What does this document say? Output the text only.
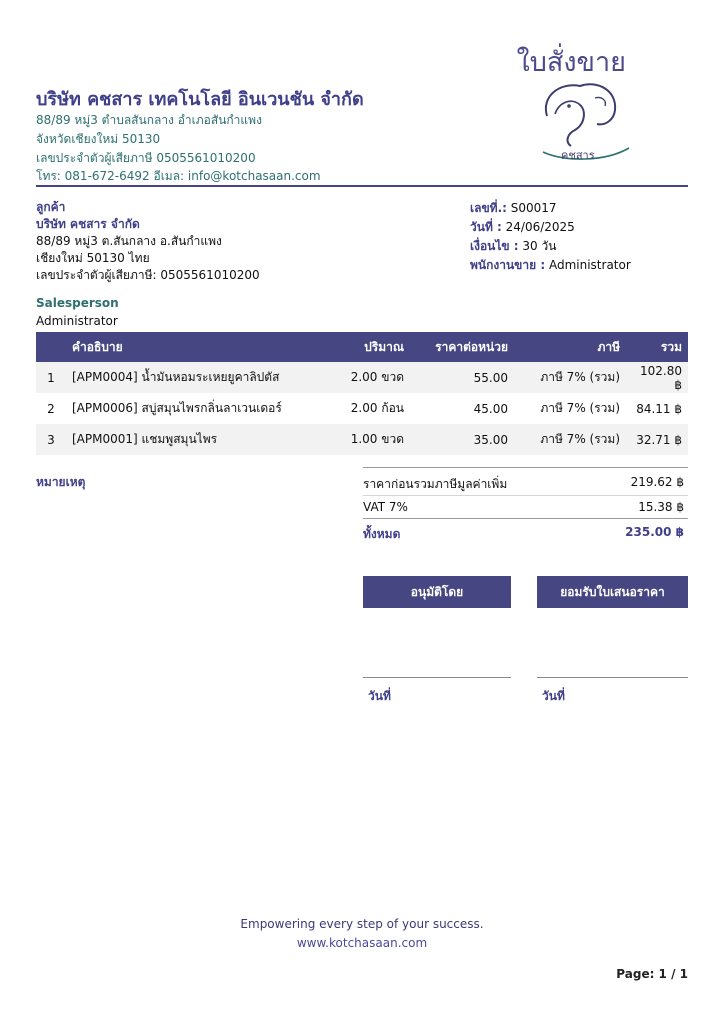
ใบสั่งขาย
บริษัท คชสาร เทคโนโลยี อินเวนชัน จำกัด
88/89 หมู่3 ตำบลสันกลาง อำเภอสันกำแพง
จังหวัดเชียงใหม่ 50130
เลขประจำตัวผู้เสียภาษี 0505561010200
โทร: 081-672-6492 อีเมล: info@kotchasaan.com
คชสาร
ลูกค้า
บริษัท คชสาร จำกัด
88/89 หมู่3 ต.สันกลาง อ.สันกำแพง
เชียงใหม่ 50130 ไทย
เลขประจำตัวผู้เสียภาษี: 0505561010200
เลขที่.: S00017
วันที่ : 24/06/2025
เงื่อนไข : 30 วัน
พนักงานขาย : Administrator
Salesperson
Administrator
	คำอธิบาย	ปริมาณ	ราคาต่อหน่วย	ภาษี	รวม
1	[APM0004] น้ำมันหอมระเหยยูคาลิปตัส	2.00 ขวด	55.00	ภาษี 7% (รวม)	102.80 ฿
2	[APM0006] สบู่สมุนไพรกลิ่นลาเวนเดอร์	2.00 ก้อน	45.00	ภาษี 7% (รวม)	84.11 ฿
3	[APM0001] แชมพูสมุนไพร	1.00 ขวด	35.00	ภาษี 7% (รวม)	32.71 ฿
หมายเหตุ	ราคาก่อนรวมภาษีมูลค่าเพิ่ม	219.62 ฿
VAT 7%	15.38 ฿
ทั้งหมด	235.00 ฿
อนุมัติโดย	ยอมรับใบเสนอราคา
วันที่	วันที่
Empowering every step of your success.
www.kotchasaan.com
Page: 1 / 1
